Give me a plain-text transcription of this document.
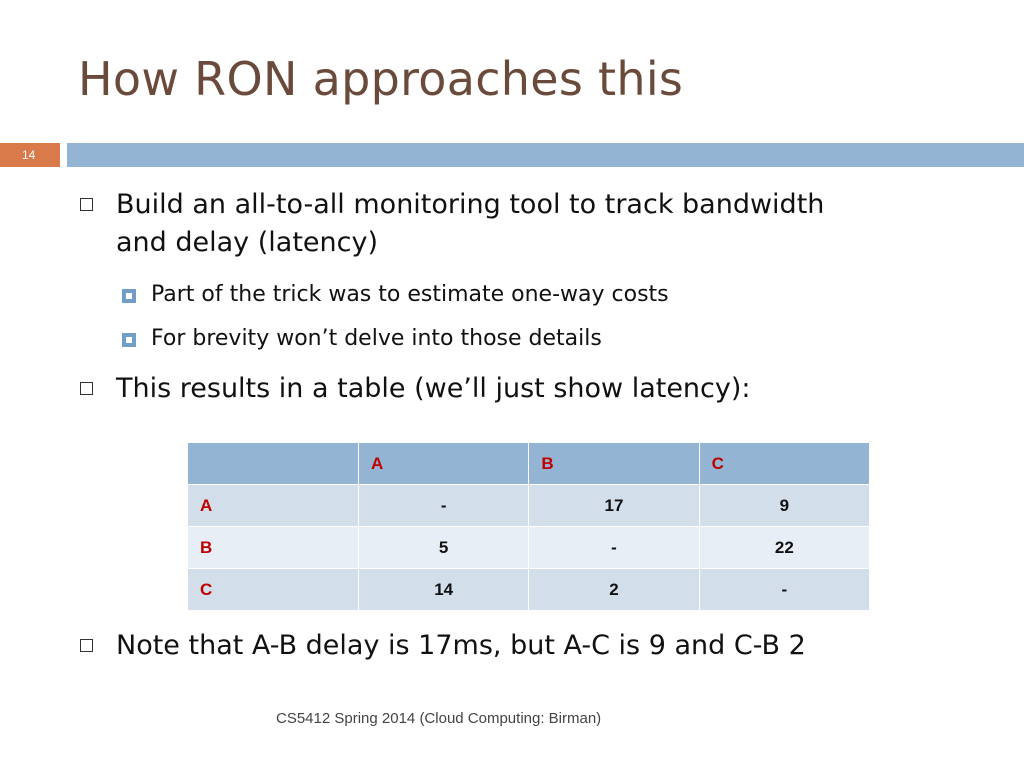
How RON approaches this
14
Build an all-to-all monitoring tool to track bandwidth
and delay (latency)
Part of the trick was to estimate one-way costs
For brevity won’t delve into those details
This results in a table (we’ll just show latency):
	A	B	C
A	-	17	9
B	5	-	22
C	14	2	-
Note that A-B delay is 17ms, but A-C is 9 and C-B 2
CS5412 Spring 2014 (Cloud Computing: Birman)
